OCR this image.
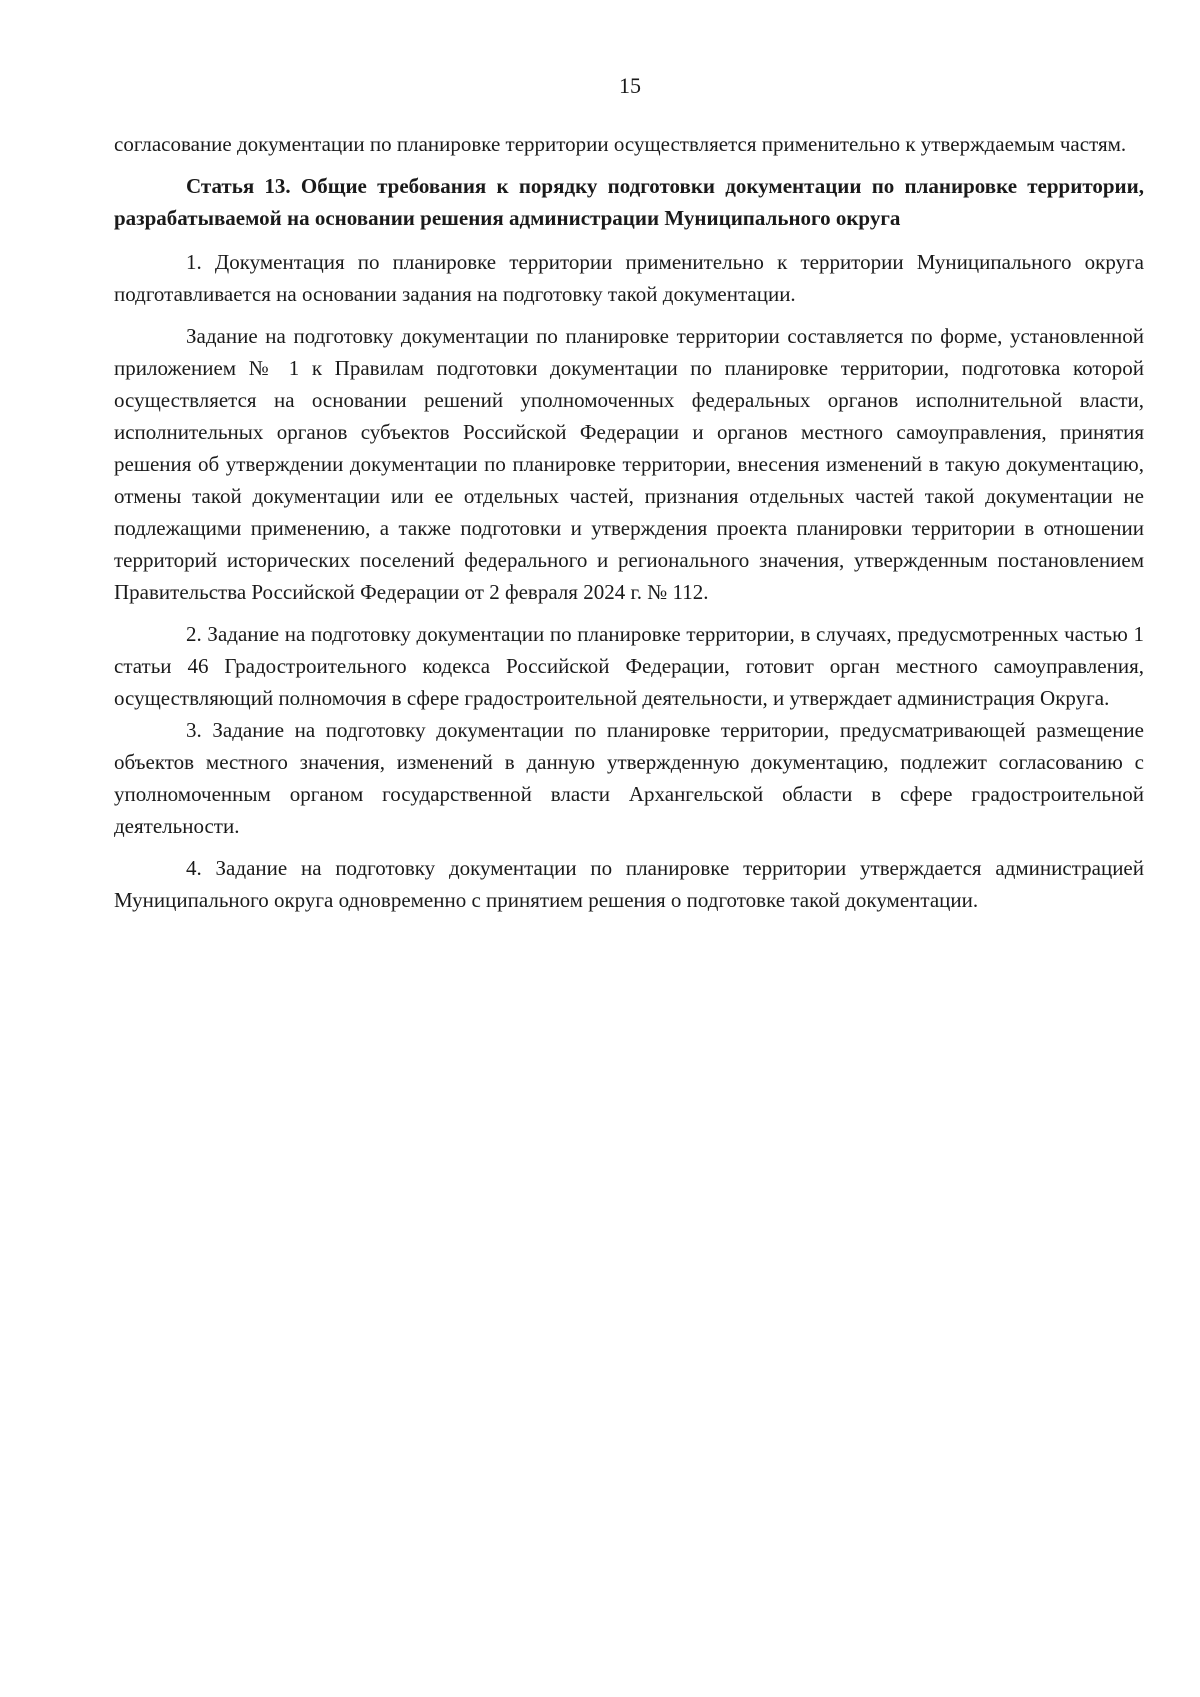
15

согласование документации по планировке территории осуществляется применительно к утверждаемым частям.

Статья 13. Общие требования к порядку подготовки документации по планировке территории, разрабатываемой на основании решения администрации Муниципального округа

1. Документация по планировке территории применительно к территории Муниципального округа подготавливается на основании задания на подготовку такой документации.

Задание на подготовку документации по планировке территории составляется по форме, установленной приложением № 1 к Правилам подготовки документации по планировке территории, подготовка которой осуществляется на основании решений уполномоченных федеральных органов исполнительной власти, исполнительных органов субъектов Российской Федерации и органов местного самоуправления, принятия решения об утверждении документации по планировке территории, внесения изменений в такую документацию, отмены такой документации или ее отдельных частей, признания отдельных частей такой документации не подлежащими применению, а также подготовки и утверждения проекта планировки территории в отношении территорий исторических поселений федерального и регионального значения, утвержденным постановлением Правительства Российской Федерации от 2 февраля 2024 г. № 112.

2. Задание на подготовку документации по планировке территории, в случаях, предусмотренных частью 1 статьи 46 Градостроительного кодекса Российской Федерации, готовит орган местного самоуправления, осуществляющий полномочия в сфере градостроительной деятельности, и утверждает администрация Округа.

3. Задание на подготовку документации по планировке территории, предусматривающей размещение объектов местного значения, изменений в данную утвержденную документацию, подлежит согласованию с уполномоченным органом государственной власти Архангельской области в сфере градостроительной деятельности.

4. Задание на подготовку документации по планировке территории утверждается администрацией Муниципального округа одновременно с принятием решения о подготовке такой документации.
